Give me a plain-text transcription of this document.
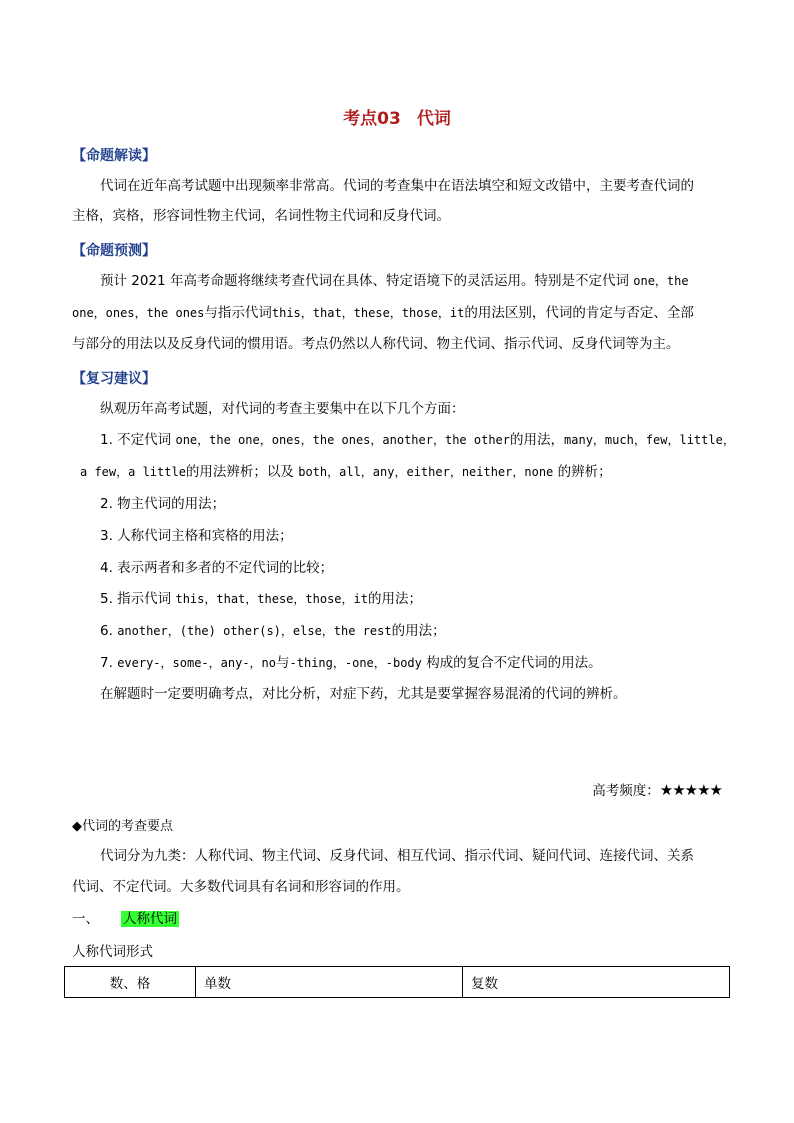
考点03 代词
【命题解读】
代词在近年高考试题中出现频率非常高。代词的考查集中在语法填空和短文改错中，主要考查代词的
主格，宾格，形容词性物主代词，名词性物主代词和反身代词。
【命题预测】
预计 2021 年高考命题将继续考查代词在具体、特定语境下的灵活运用。特别是不定代词 one，the
one，ones，the ones与指示代词this，that，these，those，it的用法区别，代词的肯定与否定、全部
与部分的用法以及反身代词的惯用语。考点仍然以人称代词、物主代词、指示代词、反身代词等为主。
【复习建议】
纵观历年高考试题，对代词的考查主要集中在以下几个方面：
1. 不定代词 one，the one，ones，the ones，another，the other的用法，many，much，few，little，
a few，a little的用法辨析；以及 both，all，any，either，neither，none 的辨析；
2. 物主代词的用法；
3. 人称代词主格和宾格的用法；
4. 表示两者和多者的不定代词的比较；
5. 指示代词 this，that，these，those，it的用法；
6. another，(the) other(s)，else，the rest的用法；
7. every-，some-，any-，no与-thing，-one，-body 构成的复合不定代词的用法。
在解题时一定要明确考点，对比分析，对症下药，尤其是要掌握容易混淆的代词的辨析。
高考频度：★★★★★
◆代词的考查要点
代词分为九类：人称代词、物主代词、反身代词、相互代词、指示代词、疑问代词、连接代词、关系
代词、不定代词。大多数代词具有名词和形容词的作用。
一、 人称代词
人称代词形式
数、格	单数	复数
